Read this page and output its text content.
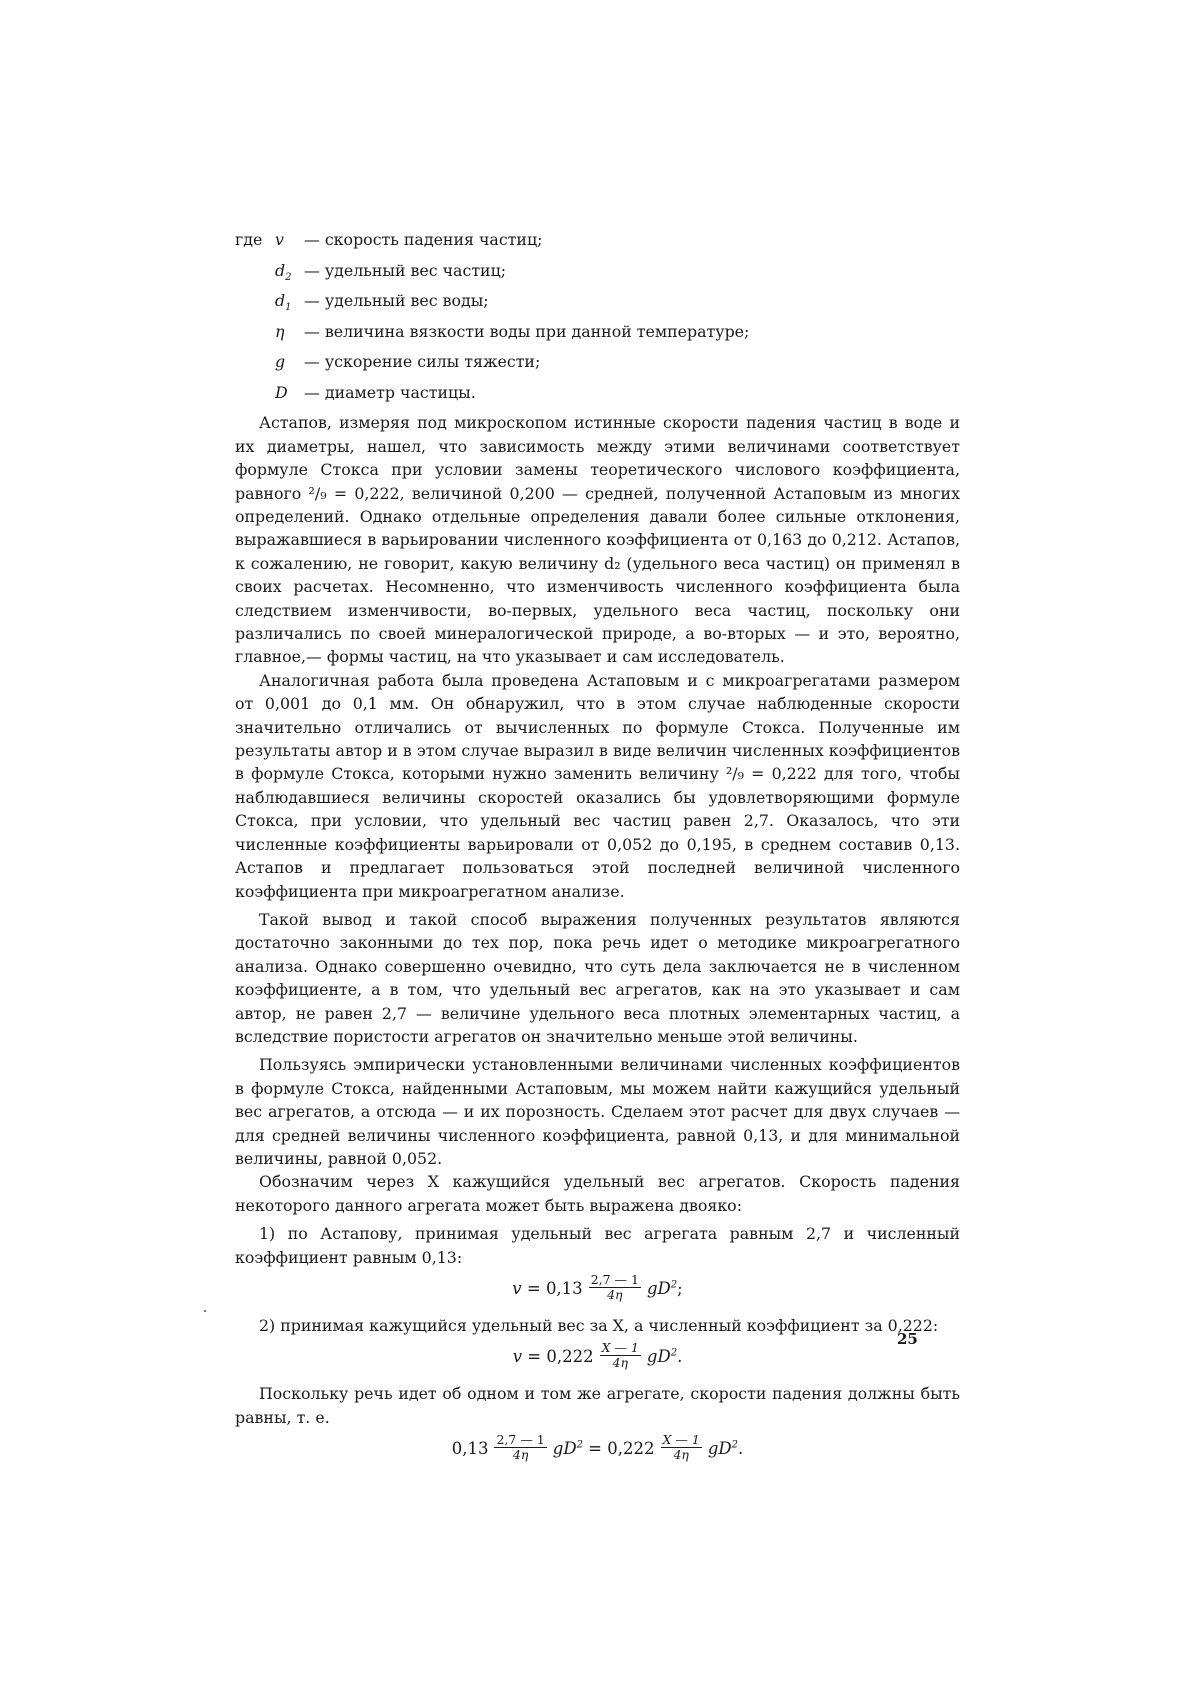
где v — скорость падения частиц;
$d_2$ — удельный вес частиц;
$d_1$ — удельный вес воды;
η — величина вязкости воды при данной температуре;
g — ускорение силы тяжести;
D — диаметр частицы.

Астапов, измеряя под микроскопом истинные скорости падения частиц в воде и их диаметры, нашел, что зависимость между этими величинами соответствует формуле Стокса при условии замены теоретического числового коэффициента, равного ²/₉ = 0,222, величиной 0,200 — средней, полученной Астаповым из многих определений. Однако отдельные определения давали более сильные отклонения, выражавшиеся в варьировании численного коэффициента от 0,163 до 0,212. Астапов, к сожалению, не говорит, какую величину d₂ (удельного веса частиц) он применял в своих расчетах. Несомненно, что изменчивость численного коэффициента была следствием изменчивости, во-первых, удельного веса частиц, поскольку они различались по своей минералогической природе, а во-вторых — и это, вероятно, главное,— формы частиц, на что указывает и сам исследователь.

Аналогичная работа была проведена Астаповым и с микроагрегатами размером от 0,001 до 0,1 мм. Он обнаружил, что в этом случае наблюденные скорости значительно отличались от вычисленных по формуле Стокса. Полученные им результаты автор и в этом случае выразил в виде величин численных коэффициентов в формуле Стокса, которыми нужно заменить величину ²/₉ = 0,222 для того, чтобы наблюдавшиеся величины скоростей оказались бы удовлетворяющими формуле Стокса, при условии, что удельный вес частиц равен 2,7. Оказалось, что эти численные коэффициенты варьировали от 0,052 до 0,195, в среднем составив 0,13. Астапов и предлагает пользоваться этой последней величиной численного коэффициента при микроагрегатном анализе.

Такой вывод и такой способ выражения полученных результатов являются достаточно законными до тех пор, пока речь идет о методике микроагрегатного анализа. Однако совершенно очевидно, что суть дела заключается не в численном коэффициенте, а в том, что удельный вес агрегатов, как на это указывает и сам автор, не равен 2,7 — величине удельного веса плотных элементарных частиц, а вследствие пористости агрегатов он значительно меньше этой величины.

Пользуясь эмпирически установленными величинами численных коэффициентов в формуле Стокса, найденными Астаповым, мы можем найти кажущийся удельный вес агрегатов, а отсюда — и их порозность. Сделаем этот расчет для двух случаев — для средней величины численного коэффициента, равной 0,13, и для минимальной величины, равной 0,052.

Обозначим через X кажущийся удельный вес агрегатов. Скорость падения некоторого данного агрегата может быть выражена двояко:

1) по Астапову, принимая удельный вес агрегата равным 2,7 и численный коэффициент равным 0,13:

$v = 0,13 \frac{2,7 — 1}{4\eta} gD^2$;

2) принимая кажущийся удельный вес за X, а численный коэффициент за 0,222:

$v = 0,222 \frac{X — 1}{4\eta} gD^2$.

Поскольку речь идет об одном и том же агрегате, скорости падения должны быть равны, т. е.

$0,13 \frac{2,7 — 1}{4\eta} gD^2 = 0,222 \frac{X — 1}{4\eta} gD^2$.
25
